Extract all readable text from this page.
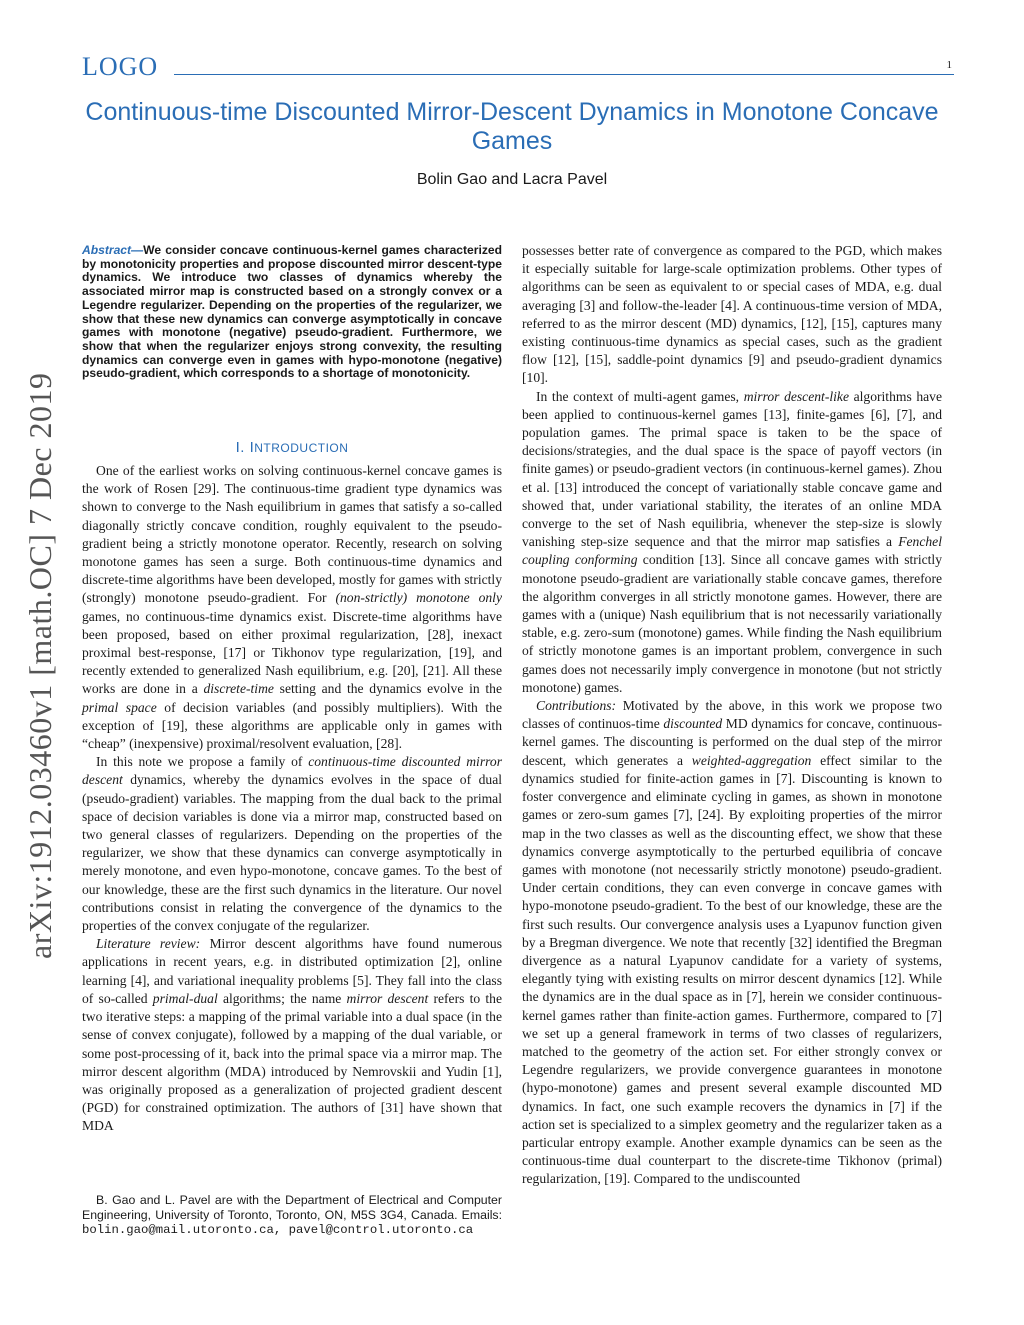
LOGO	1
Continuous-time Discounted Mirror-Descent Dynamics in Monotone Concave Games
Bolin Gao and Lacra Pavel
arXiv:1912.03460v1 [math.OC] 7 Dec 2019
Abstract—We consider concave continuous-kernel games characterized by monotonicity properties and propose discounted mirror descent-type dynamics. We introduce two classes of dynamics whereby the associated mirror map is constructed based on a strongly convex or a Legendre regularizer. Depending on the properties of the regularizer, we show that these new dynamics can converge asymptotically in concave games with monotone (negative) pseudo-gradient. Furthermore, we show that when the regularizer enjoys strong convexity, the resulting dynamics can converge even in games with hypo-monotone (negative) pseudo-gradient, which corresponds to a shortage of monotonicity.
I. INTRODUCTION

One of the earliest works on solving continuous-kernel concave games is the work of Rosen [29]. The continuous-time gradient type dynamics was shown to converge to the Nash equilibrium in games that satisfy a so-called diagonally strictly concave condition, roughly equivalent to the pseudo-gradient being a strictly monotone operator. Recently, research on solving monotone games has seen a surge. Both continuous-time dynamics and discrete-time algorithms have been developed, mostly for games with strictly (strongly) monotone pseudo-gradient. For (non-strictly) monotone only games, no continuous-time dynamics exist. Discrete-time algorithms have been proposed, based on either proximal regularization, [28], inexact proximal best-response, [17] or Tikhonov type regularization, [19], and recently extended to generalized Nash equilibrium, e.g. [20], [21]. All these works are done in a discrete-time setting and the dynamics evolve in the primal space of decision variables (and possibly multipliers). With the exception of [19], these algorithms are applicable only in games with “cheap” (inexpensive) proximal/resolvent evaluation, [28].

In this note we propose a family of continuous-time discounted mirror descent dynamics, whereby the dynamics evolves in the space of dual (pseudo-gradient) variables. The mapping from the dual back to the primal space of decision variables is done via a mirror map, constructed based on two general classes of regularizers. Depending on the properties of the regularizer, we show that these dynamics can converge asymptotically in merely monotone, and even hypo-monotone, concave games. To the best of our knowledge, these are the first such dynamics in the literature. Our novel contributions consist in relating the convergence of the dynamics to the properties of the convex conjugate of the regularizer.

Literature review: Mirror descent algorithms have found numerous applications in recent years, e.g. in distributed optimization [2], online learning [4], and variational inequality problems [5]. They fall into the class of so-called primal-dual algorithms; the name mirror descent refers to the two iterative steps: a mapping of the primal variable into a dual space (in the sense of convex conjugate), followed by a mapping of the dual variable, or some post-processing of it, back into the primal space via a mirror map. The mirror descent algorithm (MDA) introduced by Nemrovskii and Yudin [1], was originally proposed as a generalization of projected gradient descent (PGD) for constrained optimization. The authors of [31] have shown that MDA

B. Gao and L. Pavel are with the Department of Electrical and Computer Engineering, University of Toronto, Toronto, ON, M5S 3G4, Canada. Emails: bolin.gao@mail.utoronto.ca, pavel@control.utoronto.ca

possesses better rate of convergence as compared to the PGD, which makes it especially suitable for large-scale optimization problems. Other types of algorithms can be seen as equivalent to or special cases of MDA, e.g. dual averaging [3] and follow-the-leader [4]. A continuous-time version of MDA, referred to as the mirror descent (MD) dynamics, [12], [15], captures many existing continuous-time dynamics as special cases, such as the gradient flow [12], [15], saddle-point dynamics [9] and pseudo-gradient dynamics [10].

In the context of multi-agent games, mirror descent-like algorithms have been applied to continuous-kernel games [13], finite-games [6], [7], and population games. The primal space is taken to be the space of decisions/strategies, and the dual space is the space of payoff vectors (in finite games) or pseudo-gradient vectors (in continuous-kernel games). Zhou et al. [13] introduced the concept of variationally stable concave game and showed that, under variational stability, the iterates of an online MDA converge to the set of Nash equilibria, whenever the step-size is slowly vanishing step-size sequence and that the mirror map satisfies a Fenchel coupling conforming condition [13]. Since all concave games with strictly monotone pseudo-gradient are variationally stable concave games, therefore the algorithm converges in all strictly monotone games. However, there are games with a (unique) Nash equilibrium that is not necessarily variationally stable, e.g. zero-sum (monotone) games. While finding the Nash equilibrium of strictly monotone games is an important problem, convergence in such games does not necessarily imply convergence in monotone (but not strictly monotone) games.

Contributions: Motivated by the above, in this work we propose two classes of continuos-time discounted MD dynamics for concave, continuous-kernel games. The discounting is performed on the dual step of the mirror descent, which generates a weighted-aggregation effect similar to the dynamics studied for finite-action games in [7]. Discounting is known to foster convergence and eliminate cycling in games, as shown in monotone games or zero-sum games [7], [24]. By exploiting properties of the mirror map in the two classes as well as the discounting effect, we show that these dynamics converge asymptotically to the perturbed equilibria of concave games with monotone (not necessarily strictly monotone) pseudo-gradient. Under certain conditions, they can even converge in concave games with hypo-monotone pseudo-gradient. To the best of our knowledge, these are the first such results. Our convergence analysis uses a Lyapunov function given by a Bregman divergence. We note that recently [32] identified the Bregman divergence as a natural Lyapunov candidate for a variety of systems, elegantly tying with existing results on mirror descent dynamics [12]. While the dynamics are in the dual space as in [7], herein we consider continuous-kernel games rather than finite-action games. Furthermore, compared to [7] we set up a general framework in terms of two classes of regularizers, matched to the geometry of the action set. For either strongly convex or Legendre regularizers, we provide convergence guarantees in monotone (hypo-monotone) games and present several example discounted MD dynamics. In fact, one such example recovers the dynamics in [7] if the action set is specialized to a simplex geometry and the regularizer taken as a particular entropy example. Another example dynamics can be seen as the continuous-time dual counterpart to the discrete-time Tikhonov (primal) regularization, [19]. Compared to the undiscounted
